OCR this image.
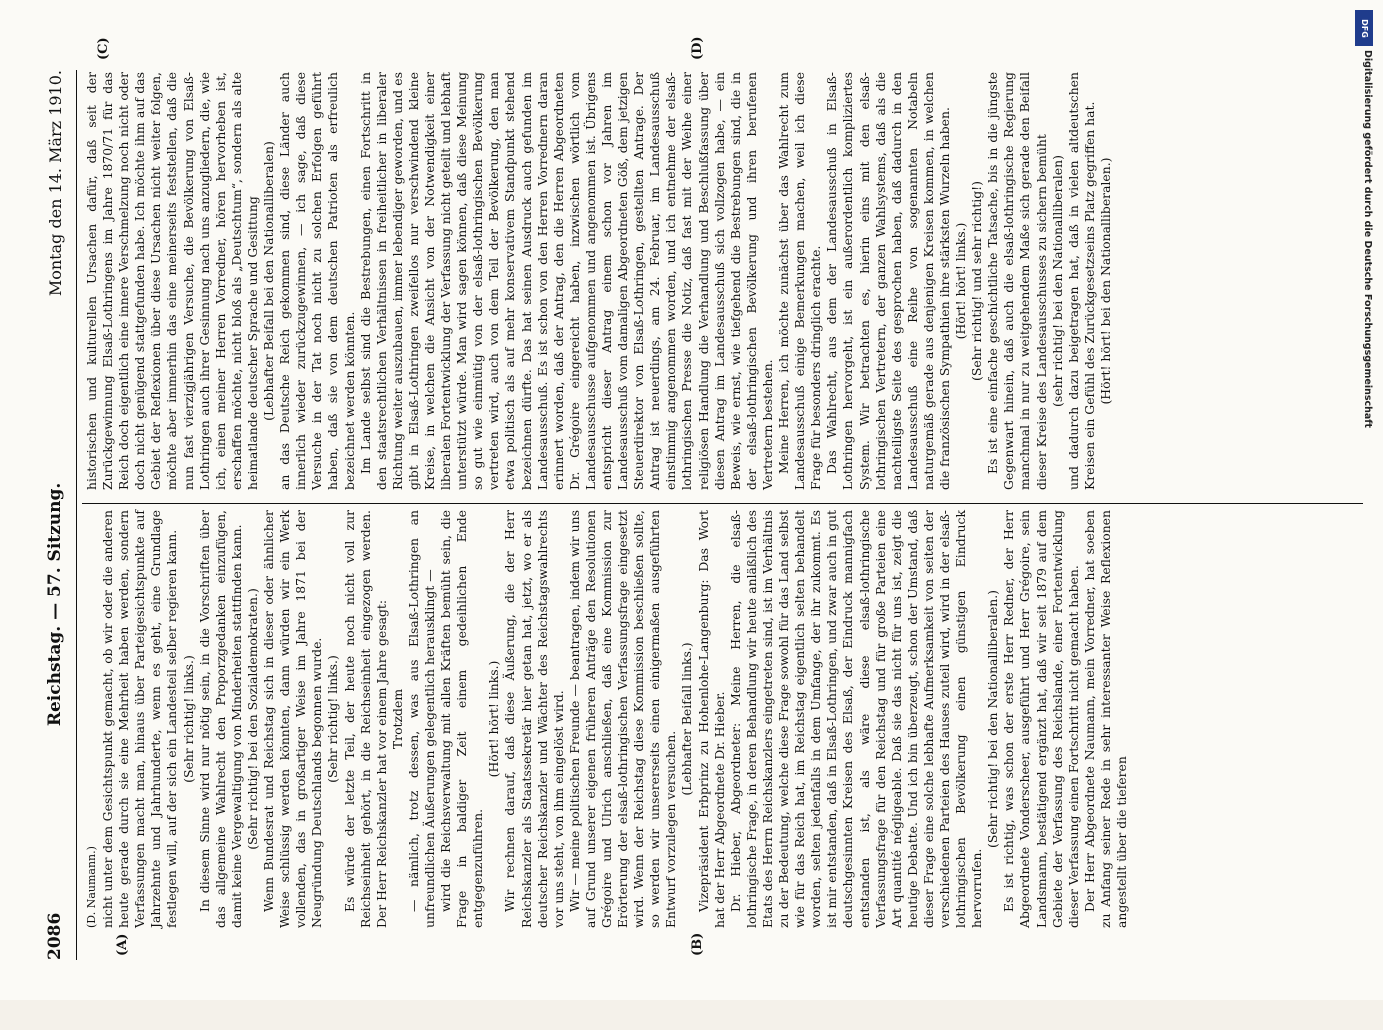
2086
Reichstag. — 57. Sitzung.
Montag den 14. März 1910.
(A)	(B)
(C)	(D)

(D. Naumann.) nicht unter dem Gesichtspunkt gemacht, ob wir oder die anderen heute gerade durch sie eine Mehrheit haben werden, sondern Verfassungen macht man, hinaus über Parteigesichtspunkte auf Jahrzehnte und Jahrhunderte, wenn es geht, eine Grundlage festlegen will, auf der sich ein Landesteil selber regieren kann. (Sehr richtig! links.) In diesem Sinne wird nur nötig sein, in die Vorschriften über das allgemeine Wahlrecht den Proporzgedanken einzufügen, damit keine Vergewaltigung von Minderheiten stattfinden kann. (Sehr richtig! bei den Sozialdemokraten.) Wenn Bundesrat und Reichstag sich in dieser oder ähnlicher Weise schlüssig werden könnten, dann würden wir ein Werk vollenden, das in großartiger Weise im Jahre 1871 bei der Neugründung Deutschlands begonnen wurde. (Sehr richtig! links.) Es würde der letzte Teil, der heute noch nicht voll zur Reichseinheit gehört, in die Reichseinheit eingezogen werden. Der Herr Reichskanzler hat vor einem Jahre gesagt: Trotzdem — nämlich, trotz dessen, was aus Elsaß-Lothringen an unfreundlichen Äußerungen gelegentlich herausklingt — wird die Reichsverwaltung mit allen Kräften bemüht sein, die Frage in baldiger Zeit einem gedeihlichen Ende entgegenzuführen.

(Hört! hört! links.) Wir rechnen darauf, daß diese Äußerung, die der Herr Reichskanzler als Staatssekretär hier getan hat, jetzt, wo er als deutscher Reichskanzler und Wächter des Reichstagswahlrechts vor uns steht, von ihm eingelöst wird. Wir — meine politischen Freunde — beantragen, indem wir uns auf Grund unserer eigenen früheren Anträge den Resolutionen Grégoire und Ulrich anschließen, daß eine Kommission zur Erörterung der elsaß-lothringischen Verfassungsfrage eingesetzt wird. Wenn der Reichstag diese Kommission beschließen sollte, so werden wir unsererseits einen einigermaßen ausgeführten Entwurf vorzulegen versuchen.

(Lebhafter Beifall links.) Vizepräsident Erbprinz zu Hohenlohe-Langenburg: Das Wort hat der Herr Abgeordnete Dr. Hieber. Dr. Hieber, Abgeordneter: Meine Herren, die elsaß-lothringische Frage, in deren Behandlung wir heute anläßlich des Etats des Herrn Reichskanzlers eingetreten sind, ist im Verhältnis zu der Bedeutung, welche diese Frage sowohl für das Land selbst wie für das Reich hat, im Reichstag eigentlich selten behandelt worden, selten jedenfalls in dem Umfange, der ihr zukommt. Es ist mir entstanden, daß in Elsaß-Lothringen, und zwar auch in gut deutschgesinnten Kreisen des Elsaß, der Eindruck mannigfach entstanden ist, als wäre diese elsaß-lothringische Verfassungsfrage für den Reichstag und für große Parteien eine Art quantité négligeable. Daß sie das nicht für uns ist, zeigt die heutige Debatte. Und ich bin überzeugt, schon der Umstand, daß dieser Frage eine solche lebhafte Aufmerksamkeit von seiten der verschiedenen Parteien des Hauses zuteil wird, wird in der elsaß-lothringischen Bevölkerung einen günstigen Eindruck hervorrufen.

(Sehr richtig! bei den Nationalliberalen.) Es ist richtig, was schon der erste Herr Redner, der Herr Abgeordnete Vonderscheer, ausgeführt und Herr Grégoire, sein Landsmann, bestätigend ergänzt hat, daß wir seit 1879 auf dem Gebiete der Verfassung des Reichslande, einer Fortentwicklung dieser Verfassung einen Fortschritt nicht gemacht haben. Der Herr Abgeordnete Naumann, mein Vorredner, hat soeben zu Anfang seiner Rede in sehr interessanter Weise Reflexionen angestellt über die tieferen

historischen und kulturellen Ursachen dafür, daß seit der Zurückgewinnung Elsaß-Lothringens im Jahre 1870/71 für das Reich doch eigentlich eine innere Verschmelzung noch nicht oder doch nicht genügend stattgefunden habe. Ich möchte ihm auf das Gebiet der Reflexionen über diese Ursachen nicht weiter folgen, möchte aber immerhin das eine meinerseits feststellen, daß die nun fast vierzigjährigen Versuche, die Bevölkerung von Elsaß-Lothringen auch ihrer Gesinnung nach uns anzugliedern, die, wie ich, einen meiner Herren Vorredner, hören hervorheben ist, erschaffen möchte, nicht bloß als „Deutschtum“, sondern als alte heimatlande deutscher Sprache und Gesittung (Lebhafter Beifall bei den Nationalliberalen) an das Deutsche Reich gekommen sind, diese Länder auch innerlich wieder zurückzugewinnen, — ich sage, daß diese Versuche in der Tat noch nicht zu solchen Erfolgen geführt haben, daß sie von dem deutschen Patrioten als erfreulich bezeichnet werden könnten. Im Lande selbst sind die Bestrebungen, einen Fortschritt in den staatsrechtlichen Verhältnissen in freiheitlicher in liberaler Richtung weiter auszubauen, immer lebendiger geworden, und es gibt in Elsaß-Lothringen zweifellos nur verschwindend kleine Kreise, in welchen die Ansicht von der Notwendigkeit einer liberalen Fortentwicklung der Verfassung nicht geteilt und lebhaft unterstützt würde. Man wird sagen können, daß diese Meinung so gut wie einmütig von der elsaß-lothringischen Bevölkerung vertreten wird, auch von dem Teil der Bevölkerung, den man etwa politisch als auf mehr konservativem Standpunkt stehend bezeichnen dürfte. Das hat seinen Ausdruck auch gefunden im Landesausschuß. Es ist schon von den Herren Vorrednern daran erinnert worden, daß der Antrag, den die Herren Abgeordneten Dr. Grégoire eingereicht haben, inzwischen wörtlich vom Landesausschusse aufgenommen und angenommen ist. Übrigens entspricht dieser Antrag einem schon vor Jahren im Landesausschuß vom damaligen Abgeordneten Göß, dem jetzigen Steuerdirektor von Elsaß-Lothringen, gestellten Antrage. Der Antrag ist neuerdings, am 24. Februar, im Landesausschuß einstimmig angenommen worden, und ich entnehme der elsaß-lothringischen Presse die Notiz, daß fast mit der Weihe einer religiösen Handlung die Verhandlung und Beschlußfassung über diesen Antrag im Landesausschuß sich vollzogen habe, — ein Beweis, wie ernst, wie tiefgehend die Bestrebungen sind, die in der elsaß-lothringischen Bevölkerung und ihren berufenen Vertretern bestehen. Meine Herren, ich möchte zunächst über das Wahlrecht zum Landesausschuß einige Bemerkungen machen, weil ich diese Frage für besonders dringlich erachte. Das Wahlrecht, aus dem der Landesausschuß in Elsaß-Lothringen hervorgeht, ist ein außerordentlich kompliziertes System. Wir betrachten es, hierin eins mit den elsaß-lothringischen Vertretern, der ganzen Wahlsystems, daß als die nachteiligste Seite des gesprochen haben, daß dadurch in den Landesausschuß eine Reihe von sogenannten Notabeln naturgemäß gerade aus denjenigen Kreisen kommen, in welchen die französischen Sympathien ihre stärksten Wurzeln haben. (Hört! hört! links.) (Sehr richtig! und sehr richtig!) Es ist eine einfache geschichtliche Tatsache, bis in die jüngste Gegenwart hinein, daß auch die elsaß-lothringische Regierung manchmal in nur zu weitgehendem Maße sich gerade den Beifall dieser Kreise des Landesausschusses zu sichern bemüht (sehr richtig! bei den Nationalliberalen) und dadurch dazu beigetragen hat, daß in vielen altdeutschen Kreisen ein Gefühl des Zurückgesetzseins Platz gegriffen hat. (Hört! hört! bei den Nationalliberalen.)

DFG
Digitalisierung gefördert durch die Deutsche Forschungsgemeinschaft
